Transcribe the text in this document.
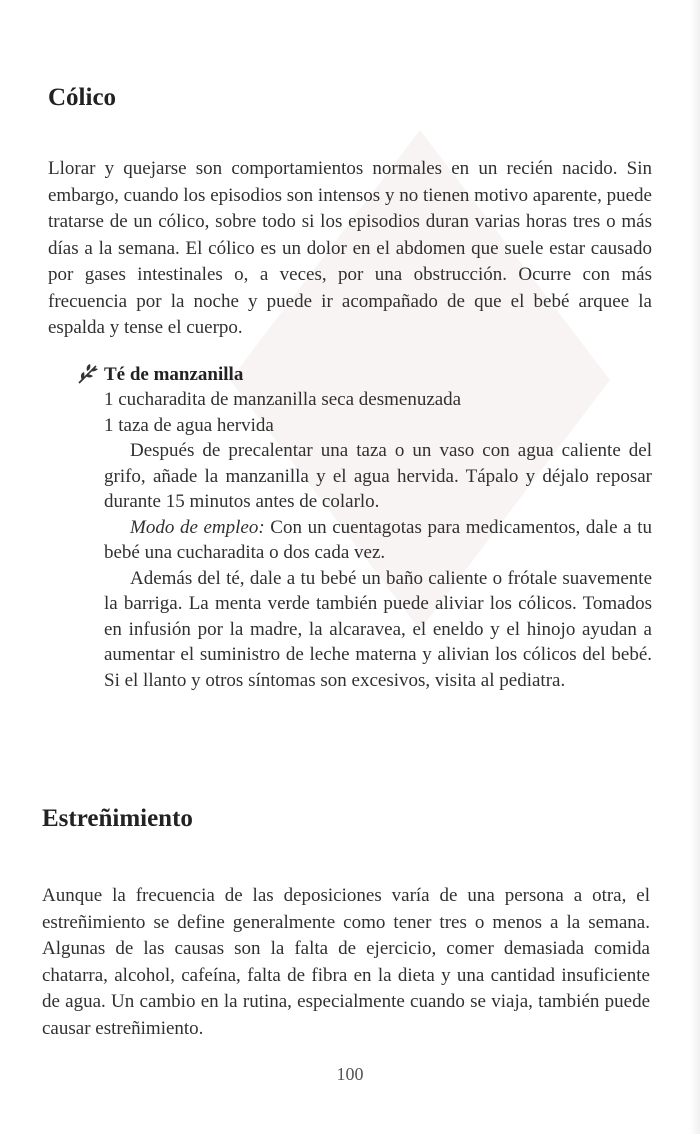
Cólico

Llorar y quejarse son comportamientos normales en un recién nacido. Sin embargo, cuando los episodios son intensos y no tienen motivo aparente, puede tratarse de un cólico, sobre todo si los episodios duran varias horas tres o más días a la semana. El cólico es un dolor en el abdomen que suele estar causado por gases intestinales o, a veces, por una obstrucción. Ocurre con más frecuencia por la noche y puede ir acompañado de que el bebé arquee la espalda y tense el cuerpo.

Té de manzanilla

1 cucharadita de manzanilla seca desmenuzada

1 taza de agua hervida

Después de precalentar una taza o un vaso con agua caliente del grifo, añade la manzanilla y el agua hervida. Tápalo y déjalo reposar durante 15 minutos antes de colarlo.

Modo de empleo: Con un cuentagotas para medicamentos, dale a tu bebé una cucharadita o dos cada vez.

Además del té, dale a tu bebé un baño caliente o frótale suavemente la barriga. La menta verde también puede aliviar los cólicos. Tomados en infusión por la madre, la alcaravea, el eneldo y el hinojo ayudan a aumentar el suministro de leche materna y alivian los cólicos del bebé. Si el llanto y otros síntomas son excesivos, visita al pediatra.

Estreñimiento

Aunque la frecuencia de las deposiciones varía de una persona a otra, el estreñimiento se define generalmente como tener tres o menos a la semana. Algunas de las causas son la falta de ejercicio, comer demasiada comida chatarra, alcohol, cafeína, falta de fibra en la dieta y una cantidad insuficiente de agua. Un cambio en la rutina, especialmente cuando se viaja, también puede causar estreñimiento.

100
